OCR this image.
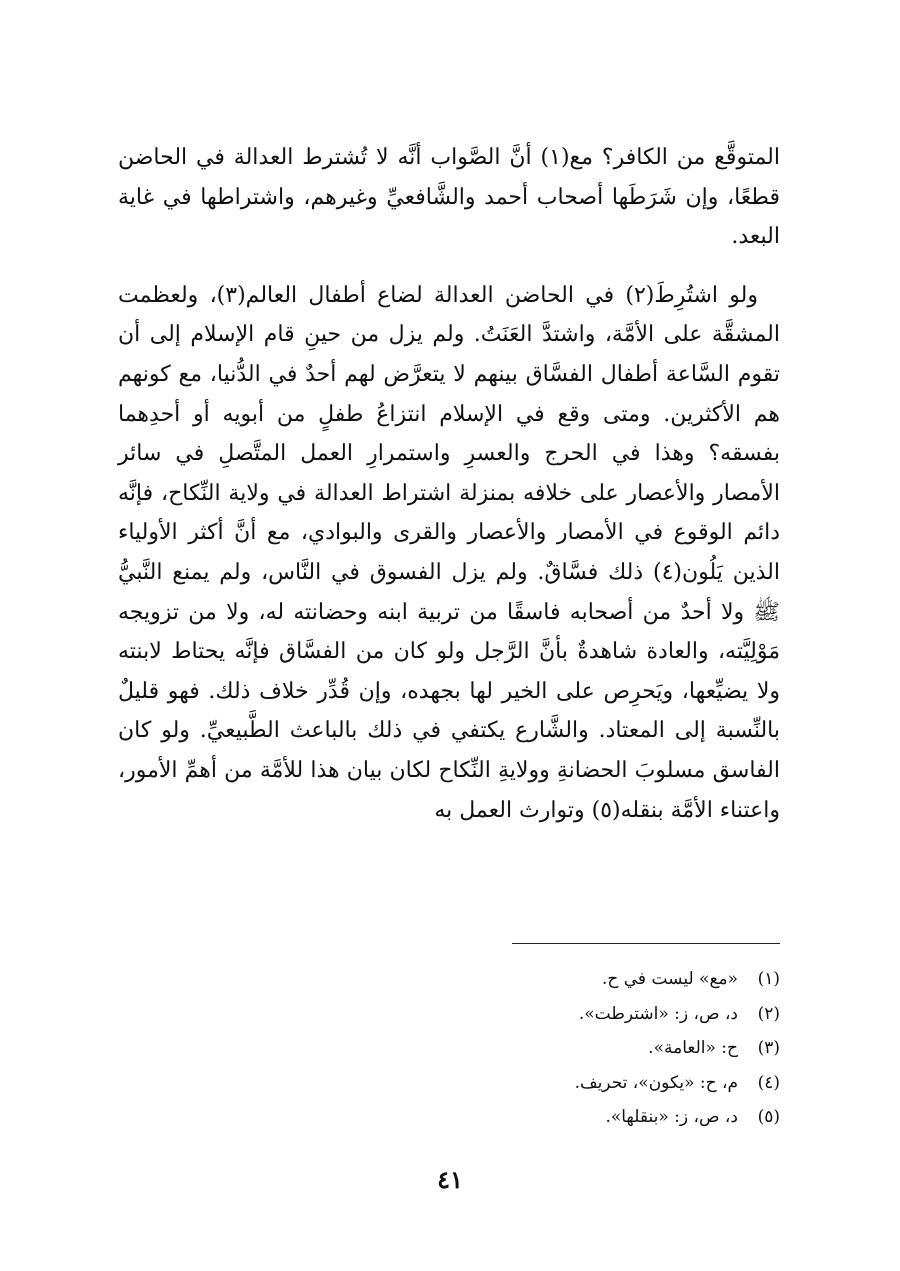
المتوقَّع من الكافر؟ مع(١) أنَّ الصَّواب أنَّه لا تُشترط العدالة في الحاضن قطعًا، وإن شَرَطَها أصحاب أحمد والشَّافعيِّ وغيرهم، واشتراطها في غاية البعد.

ولو اشتُرِطَ(٢) في الحاضن العدالة لضاع أطفال العالم(٣)، ولعظمت المشقَّة على الأمَّة، واشتدَّ العَنَتُ. ولم يزل من حينِ قام الإسلام إلى أن تقوم السَّاعة أطفال الفسَّاق بينهم لا يتعرَّض لهم أحدٌ في الدُّنيا، مع كونهم هم الأكثرين. ومتى وقع في الإسلام انتزاعُ طفلٍ من أبويه أو أحدِهما بفسقه؟ وهذا في الحرج والعسرِ واستمرارِ العمل المتَّصلِ في سائر الأمصار والأعصار على خلافه بمنزلة اشتراط العدالة في ولاية النِّكاح، فإنَّه دائم الوقوع في الأمصار والأعصار والقرى والبوادي، مع أنَّ أكثر الأولياء الذين يَلُون(٤) ذلك فسَّاقٌ. ولم يزل الفسوق في النَّاس، ولم يمنع النَّبيُّ ﷺ ولا أحدٌ من أصحابه فاسقًا من تربية ابنه وحضانته له، ولا من تزويجه مَوْلِيَّته، والعادة شاهدةٌ بأنَّ الرَّجل ولو كان من الفسَّاق فإنَّه يحتاط لابنته ولا يضيِّعها، ويَحرِص على الخير لها بجهده، وإن قُدِّر خلاف ذلك. فهو قليلٌ بالنِّسبة إلى المعتاد. والشَّارع يكتفي في ذلك بالباعث الطَّبيعيِّ. ولو كان الفاسق مسلوبَ الحضانةِ وولايةِ النِّكاح لكان بيان هذا للأمَّة من أهمِّ الأمور، واعتناء الأمَّة بنقله(٥) وتوارث العمل به

(١)«مع» ليست في ح.
(٢)د، ص، ز: «اشترطت».
(٣)ح: «العامة».
(٤)م، ح: «يكون»، تحريف.
(٥)د، ص، ز: «بنقلها».
٤١
